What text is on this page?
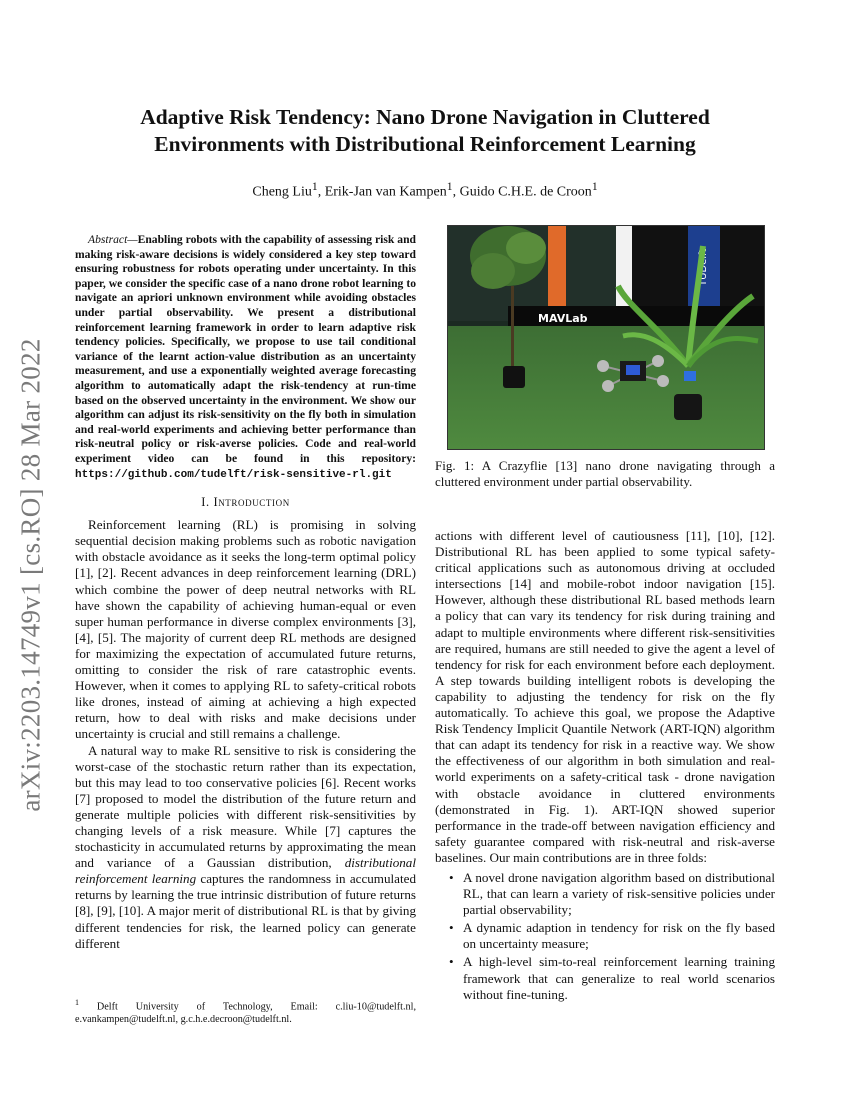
arXiv:2203.14749v1 [cs.RO] 28 Mar 2022
Adaptive Risk Tendency: Nano Drone Navigation in Cluttered
Environments with Distributional Reinforcement Learning
Cheng Liu$^1$, Erik-Jan van Kampen$^1$, Guido C.H.E. de Croon$^1$

Abstract—Enabling robots with the capability of assessing risk and making risk-aware decisions is widely considered a key step toward ensuring robustness for robots operating under uncertainty. In this paper, we consider the specific case of a nano drone robot learning to navigate an apriori unknown environment while avoiding obstacles under partial observability. We present a distributional reinforcement learning framework in order to learn adaptive risk tendency policies. Specifically, we propose to use tail conditional variance of the learnt action-value distribution as an uncertainty measurement, and use a exponentially weighted average forecasting algorithm to automatically adapt the risk-tendency at run-time based on the observed uncertainty in the environment. We show our algorithm can adjust its risk-sensitivity on the fly both in simulation and real-world experiments and achieving better performance than risk-neutral policy or risk-averse policies. Code and real-world experiment video can be found in this repository: https://github.com/tudelft/risk-sensitive-rl.git

I. Introduction

Reinforcement learning (RL) is promising in solving sequential decision making problems such as robotic navigation with obstacle avoidance as it seeks the long-term optimal policy [1], [2]. Recent advances in deep reinforcement learning (DRL) which combine the power of deep neutral networks with RL have shown the capability of achieving human-equal or even super human performance in diverse complex environments [3], [4], [5]. The majority of current deep RL methods are designed for maximizing the expectation of accumulated future returns, omitting to consider the risk of rare catastrophic events. However, when it comes to applying RL to safety-critical robots like drones, instead of aiming at achieving a high expected return, how to deal with risks and make decisions under uncertainty is crucial and still remains a challenge.

A natural way to make RL sensitive to risk is considering the worst-case of the stochastic return rather than its expectation, but this may lead to too conservative policies [6]. Recent works [7] proposed to model the distribution of the future return and generate multiple policies with different risk-sensitivities by changing levels of a risk measure. While [7] captures the stochasticity in accumulated returns by approximating the mean and variance of a Gaussian distribution, distributional reinforcement learning captures the randomness in accumulated returns by learning the true intrinsic distribution of future returns [8], [9], [10]. A major merit of distributional RL is that by giving different tendencies for risk, the learned policy can generate different

$^1$ Delft University of Technology, Email: c.liu-10@tudelft.nl, e.vankampen@tudelft.nl, g.c.h.e.decroon@tudelft.nl.
TUDelft
MAVLab
Fig. 1: A Crazyflie [13] nano drone navigating through a cluttered environment under partial observability.

actions with different level of cautiousness [11], [10], [12]. Distributional RL has been applied to some typical safety-critical applications such as autonomous driving at occluded intersections [14] and mobile-robot indoor navigation [15]. However, although these distributional RL based methods learn a policy that can vary its tendency for risk during training and adapt to multiple environments where different risk-sensitivities are required, humans are still needed to give the agent a level of tendency for risk for each environment before each deployment. A step towards building intelligent robots is developing the capability to adjusting the tendency for risk on the fly automatically. To achieve this goal, we propose the Adaptive Risk Tendency Implicit Quantile Network (ART-IQN) algorithm that can adapt its tendency for risk in a reactive way. We show the effectiveness of our algorithm in both simulation and real-world experiments on a safety-critical task - drone navigation with obstacle avoidance in cluttered environments (demonstrated in Fig. 1). ART-IQN showed superior performance in the trade-off between navigation efficiency and safety guarantee compared with risk-neutral and risk-averse baselines. Our main contributions are in three folds:

• A novel drone navigation algorithm based on distributional RL, that can learn a variety of risk-sensitive policies under partial observability;
• A dynamic adaption in tendency for risk on the fly based on uncertainty measure;
• A high-level sim-to-real reinforcement learning training framework that can generalize to real world scenarios without fine-tuning.
